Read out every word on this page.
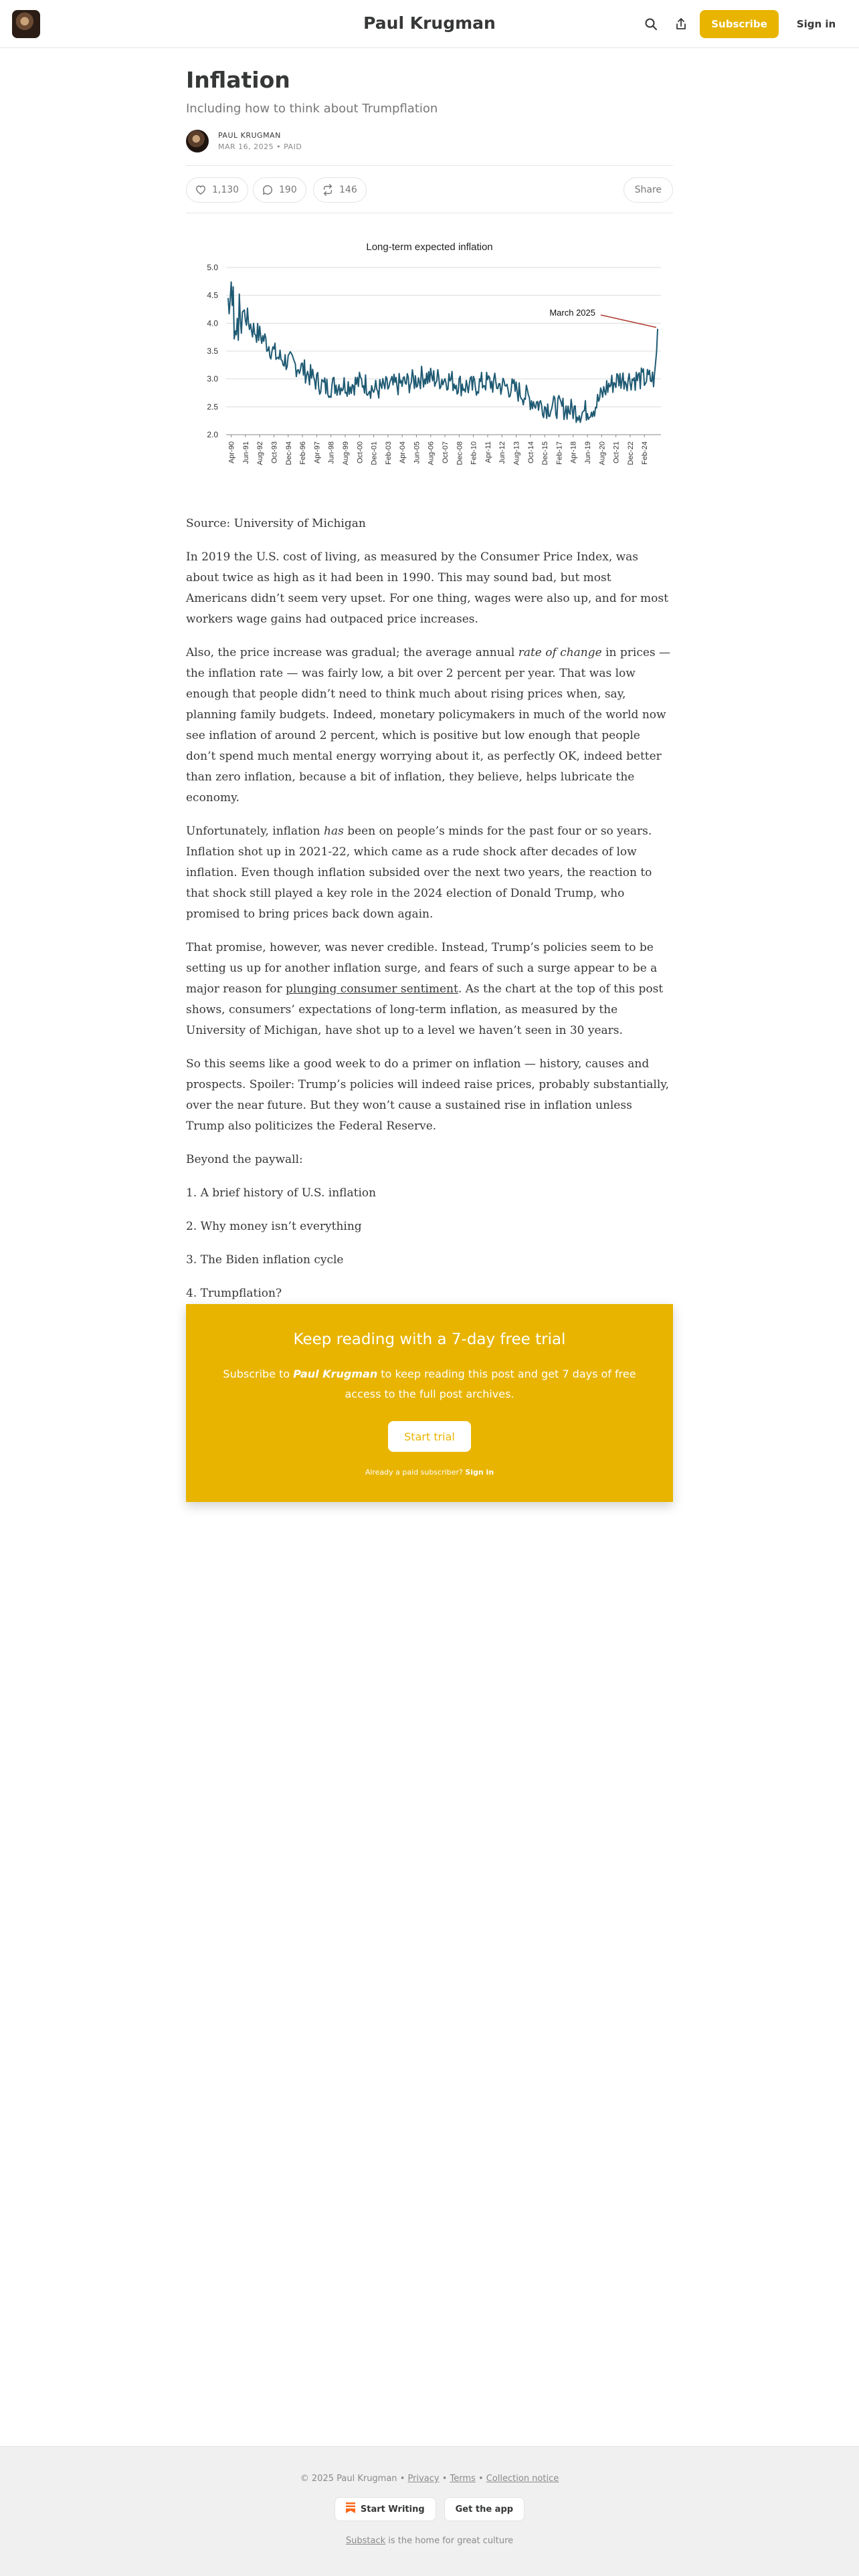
Paul Krugman	Subscribe	Sign in
Inflation
Including how to think about Trumpflation
PAUL KRUGMAN
MAR 16, 2025 • PAID
1,130	190	146	Share
Long-term expected inflation
5.0
4.5
4.0
3.5
3.0
2.5
2.0
Apr-90 Jun-91 Aug-92 Oct-93 Dec-94 Feb-96 Apr-97 Jun-98 Aug-99 Oct-00 Dec-01 Feb-03 Apr-04 Jun-05 Aug-06 Oct-07 Dec-08 Feb-10 Apr-11 Jun-12 Aug-13 Oct-14 Dec-15 Feb-17 Apr-18 Jun-19 Aug-20 Oct-21 Dec-22 Feb-24
March 2025

Source: University of Michigan

In 2019 the U.S. cost of living, as measured by the Consumer Price Index, was about twice as high as it had been in 1990. This may sound bad, but most Americans didn’t seem very upset. For one thing, wages were also up, and for most workers wage gains had outpaced price increases.

Also, the price increase was gradual; the average annual rate of change in prices — the inflation rate — was fairly low, a bit over 2 percent per year. That was low enough that people didn’t need to think much about rising prices when, say, planning family budgets. Indeed, monetary policymakers in much of the world now see inflation of around 2 percent, which is positive but low enough that people don’t spend much mental energy worrying about it, as perfectly OK, indeed better than zero inflation, because a bit of inflation, they believe, helps lubricate the economy.

Unfortunately, inflation has been on people’s minds for the past four or so years. Inflation shot up in 2021-22, which came as a rude shock after decades of low inflation. Even though inflation subsided over the next two years, the reaction to that shock still played a key role in the 2024 election of Donald Trump, who promised to bring prices back down again.

That promise, however, was never credible. Instead, Trump’s policies seem to be setting us up for another inflation surge, and fears of such a surge appear to be a major reason for plunging consumer sentiment. As the chart at the top of this post shows, consumers’ expectations of long-term inflation, as measured by the University of Michigan, have shot up to a level we haven’t seen in 30 years.

So this seems like a good week to do a primer on inflation — history, causes and prospects. Spoiler: Trump’s policies will indeed raise prices, probably substantially, over the near future. But they won’t cause a sustained rise in inflation unless Trump also politicizes the Federal Reserve.

Beyond the paywall:

1. A brief history of U.S. inflation

2. Why money isn’t everything

3. The Biden inflation cycle

4. Trumpflation?

Keep reading with a 7-day free trial
Subscribe to Paul Krugman to keep reading this post and get 7 days of free access to the full post archives.
Start trial
Already a paid subscriber? Sign in
© 2025 Paul Krugman • Privacy • Terms • Collection notice
Start Writing	Get the app
Substack is the home for great culture
